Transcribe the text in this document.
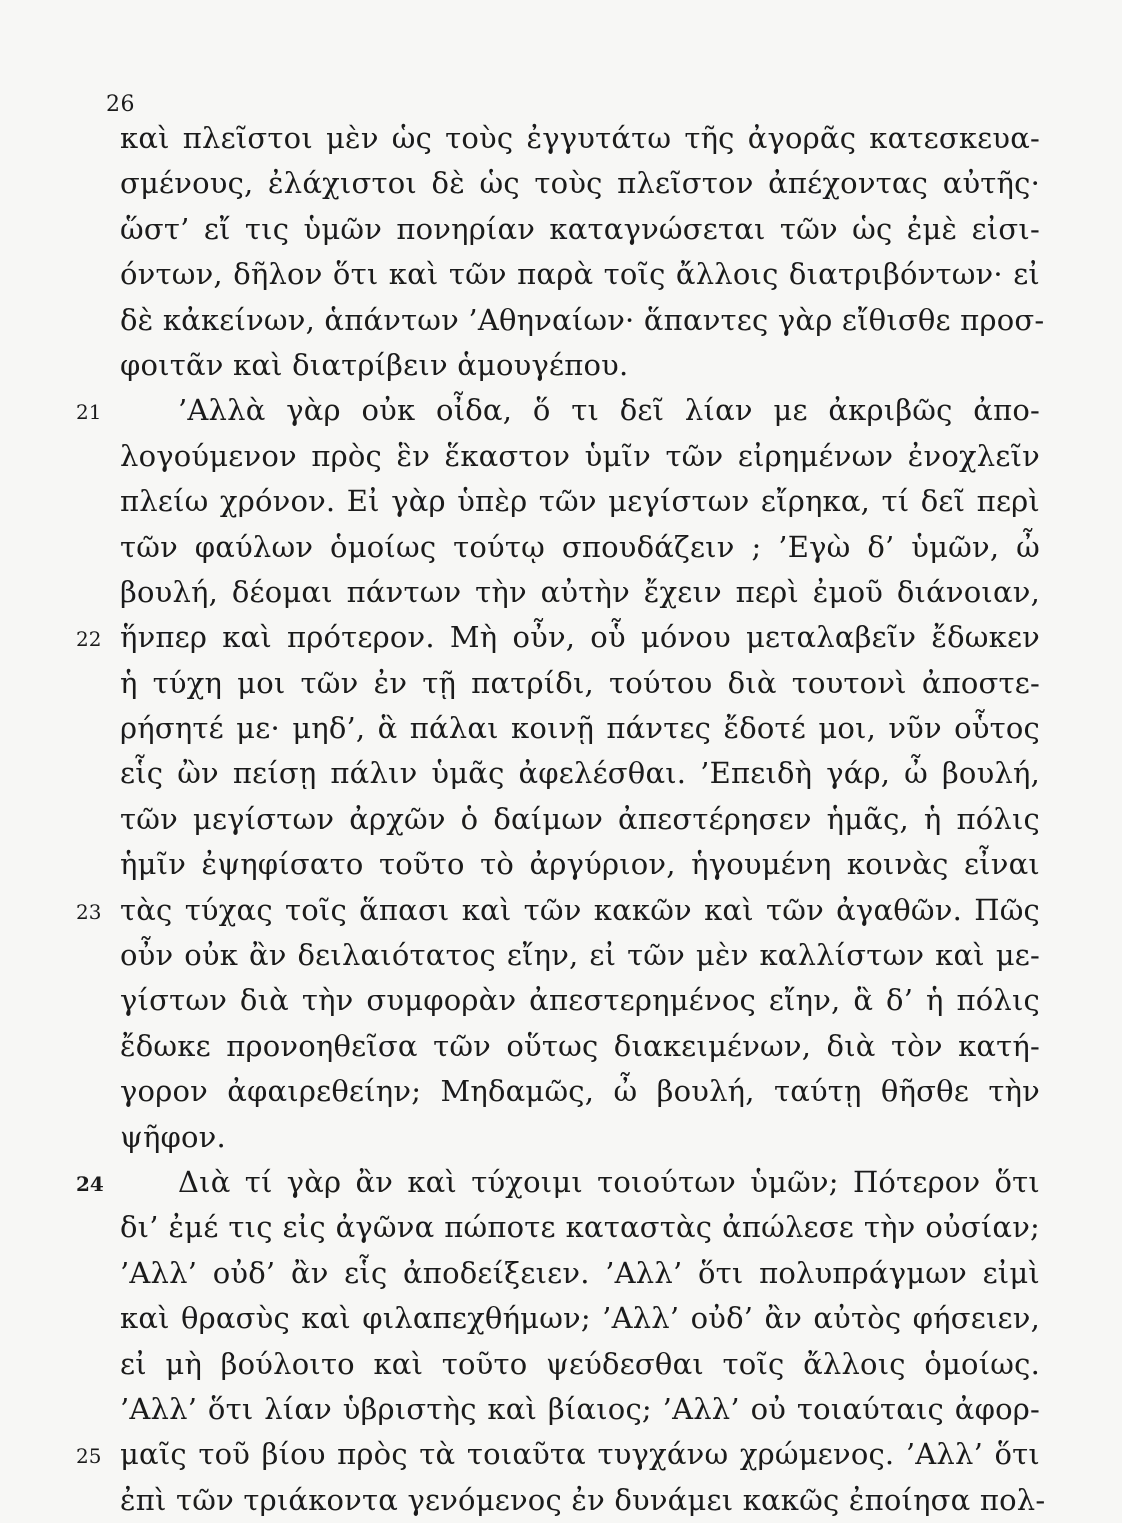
26
καὶ πλεῖστοι μὲν ὡς τοὺς ἐγγυτάτω τῆς ἀγορᾶς κατεσκευα-
σμένους, ἐλάχιστοι δὲ ὡς τοὺς πλεῖστον ἀπέχοντας αὐτῆς·
ὥστ’ εἴ τις ὑμῶν πονηρίαν καταγνώσεται τῶν ὡς ἐμὲ εἰσι-
όντων, δῆλον ὅτι καὶ τῶν παρὰ τοῖς ἄλλοις διατριβόντων· εἰ
δὲ κἀκείνων, ἁπάντων ’Αθηναίων· ἅπαντες γὰρ εἴθισθε προσ-
φοιτᾶν καὶ διατρίβειν ἁμουγέπου.
21	’Αλλὰ γὰρ οὐκ οἶδα, ὅ τι δεῖ λίαν με ἀκριβῶς ἀπο-
λογούμενον πρὸς ἓν ἕκαστον ὑμῖν τῶν εἰρημένων ἐνοχλεῖν
πλείω χρόνον. Εἰ γὰρ ὑπὲρ τῶν μεγίστων εἴρηκα, τί δεῖ περὶ
τῶν φαύλων ὁμοίως τούτῳ σπουδάζειν ; ’Εγὼ δ’ ὑμῶν, ὦ
βουλή, δέομαι πάντων τὴν αὐτὴν ἔχειν περὶ ἐμοῦ διάνοιαν,
22 ἥνπερ καὶ πρότερον. Μὴ οὖν, οὗ μόνου μεταλαβεῖν ἔδωκεν
ἡ τύχη μοι τῶν ἐν τῇ πατρίδι, τούτου διὰ τουτονὶ ἀποστε-
ρήσητέ με· μηδ’, ἃ πάλαι κοινῇ πάντες ἔδοτέ μοι, νῦν οὗτος
εἷς ὢν πείσῃ πάλιν ὑμᾶς ἀφελέσθαι. ’Επειδὴ γάρ, ὦ βουλή,
τῶν μεγίστων ἀρχῶν ὁ δαίμων ἀπεστέρησεν ἡμᾶς, ἡ πόλις
ἡμῖν ἐψηφίσατο τοῦτο τὸ ἀργύριον, ἡγουμένη κοινὰς εἶναι
23 τὰς τύχας τοῖς ἅπασι καὶ τῶν κακῶν καὶ τῶν ἀγαθῶν. Πῶς
οὖν οὐκ ἂν δειλαιότατος εἴην, εἰ τῶν μὲν καλλίστων καὶ με-
γίστων διὰ τὴν συμφορὰν ἀπεστερημένος εἴην, ἃ δ’ ἡ πόλις
ἔδωκε προνοηθεῖσα τῶν οὕτως διακειμένων, διὰ τὸν κατή-
γορον ἀφαιρεθείην; Μηδαμῶς, ὦ βουλή, ταύτῃ θῆσθε τὴν
ψῆφον.
24	Διὰ τί γὰρ ἂν καὶ τύχοιμι τοιούτων ὑμῶν; Πότερον ὅτι
δι’ ἐμέ τις εἰς ἀγῶνα πώποτε καταστὰς ἀπώλεσε τὴν οὐσίαν;
’Αλλ’ οὐδ’ ἂν εἷς ἀποδείξειεν. ’Αλλ’ ὅτι πολυπράγμων εἰμὶ
καὶ θρασὺς καὶ φιλαπεχθήμων; ’Αλλ’ οὐδ’ ἂν αὐτὸς φήσειεν,
εἰ μὴ βούλοιτο καὶ τοῦτο ψεύδεσθαι τοῖς ἄλλοις ὁμοίως.
’Αλλ’ ὅτι λίαν ὑβριστὴς καὶ βίαιος; ’Αλλ’ οὐ τοιαύταις ἀφορ-
25 μαῖς τοῦ βίου πρὸς τὰ τοιαῦτα τυγχάνω χρώμενος. ’Αλλ’ ὅτι
ἐπὶ τῶν τριάκοντα γενόμενος ἐν δυνάμει κακῶς ἐποίησα πολ-
